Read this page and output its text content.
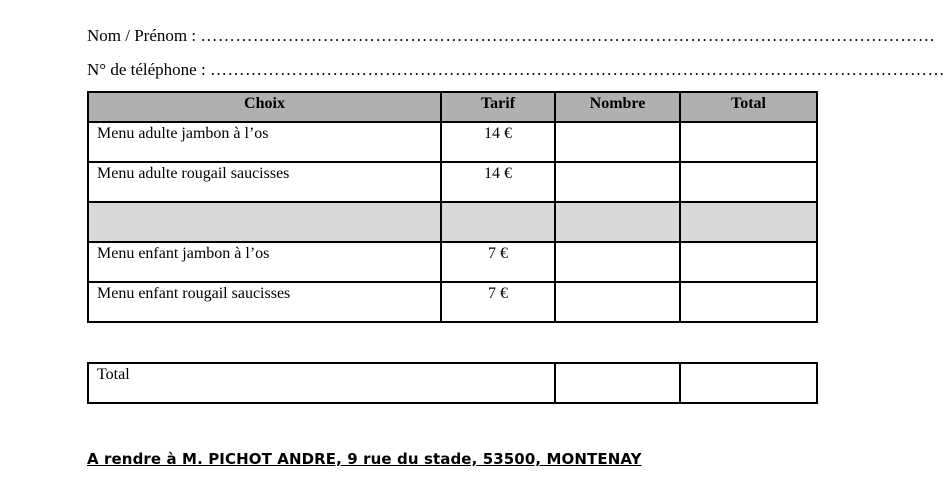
Nom / Prénom : ………………………………………………………………………………………………………………
N° de téléphone : ………………………………………………………………………………………………………………
Choix	Tarif	Nombre	Total
Menu adulte jambon à l’os	14 €		
Menu adulte rougail saucisses	14 €		

Menu enfant jambon à l’os	7 €		
Menu enfant rougail saucisses	7 €		
Total		
A rendre à M. PICHOT ANDRE, 9 rue du stade, 53500, MONTENAY
